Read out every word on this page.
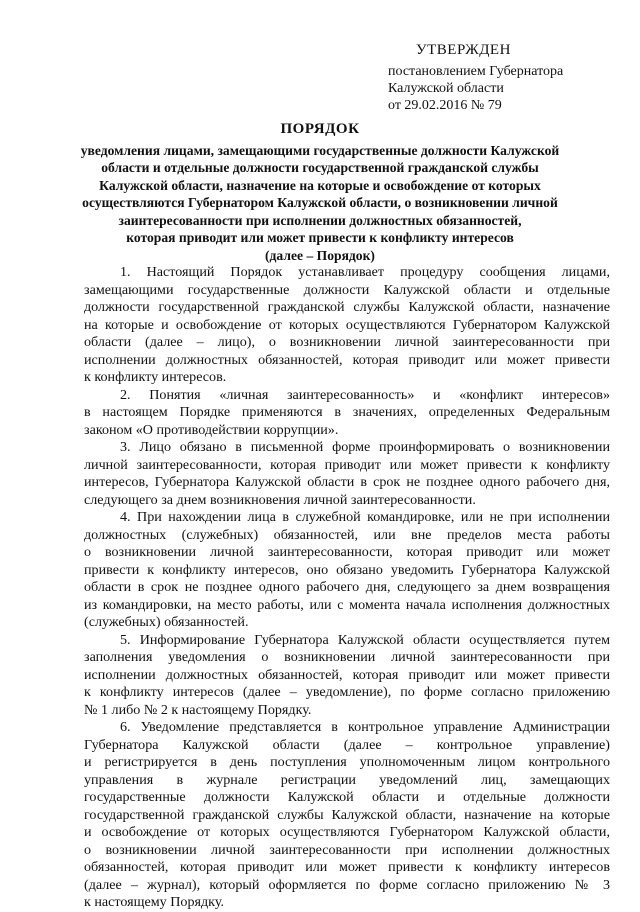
УТВЕРЖДЕН
постановлением Губернатора
Калужской области
от 29.02.2016 № 79
ПОРЯДОК
уведомления лицами, замещающими государственные должности Калужской
области и отдельные должности государственной гражданской службы
Калужской области, назначение на которые и освобождение от которых
осуществляются Губернатором Калужской области, о возникновении личной
заинтересованности при исполнении должностных обязанностей,
которая приводит или может привести к конфликту интересов
(далее – Порядок)
1. Настоящий Порядок устанавливает процедуру сообщения лицами,
замещающими государственные должности Калужской области и отдельные
должности государственной гражданской службы Калужской области, назначение
на которые и освобождение от которых осуществляются Губернатором Калужской
области (далее – лицо), о возникновении личной заинтересованности при
исполнении должностных обязанностей, которая приводит или может привести
к конфликту интересов.
2. Понятия «личная заинтересованность» и «конфликт интересов»
в настоящем Порядке применяются в значениях, определенных Федеральным
законом «О противодействии коррупции».
3. Лицо обязано в письменной форме проинформировать о возникновении
личной заинтересованности, которая приводит или может привести к конфликту
интересов, Губернатора Калужской области в срок не позднее одного рабочего дня,
следующего за днем возникновения личной заинтересованности.
4. При нахождении лица в служебной командировке, или не при исполнении
должностных (служебных) обязанностей, или вне пределов места работы
о возникновении личной заинтересованности, которая приводит или может
привести к конфликту интересов, оно обязано уведомить Губернатора Калужской
области в срок не позднее одного рабочего дня, следующего за днем возвращения
из командировки, на место работы, или с момента начала исполнения должностных
(служебных) обязанностей.
5. Информирование Губернатора Калужской области осуществляется путем
заполнения уведомления о возникновении личной заинтересованности при
исполнении должностных обязанностей, которая приводит или может привести
к конфликту интересов (далее – уведомление), по форме согласно приложению
№ 1 либо № 2 к настоящему Порядку.
6. Уведомление представляется в контрольное управление Администрации
Губернатора Калужской области (далее – контрольное управление)
и регистрируется в день поступления уполномоченным лицом контрольного
управления в журнале регистрации уведомлений лиц, замещающих
государственные должности Калужской области и отдельные должности
государственной гражданской службы Калужской области, назначение на которые
и освобождение от которых осуществляются Губернатором Калужской области,
о возникновении личной заинтересованности при исполнении должностных
обязанностей, которая приводит или может привести к конфликту интересов
(далее – журнал), который оформляется по форме согласно приложению № 3
к настоящему Порядку.
